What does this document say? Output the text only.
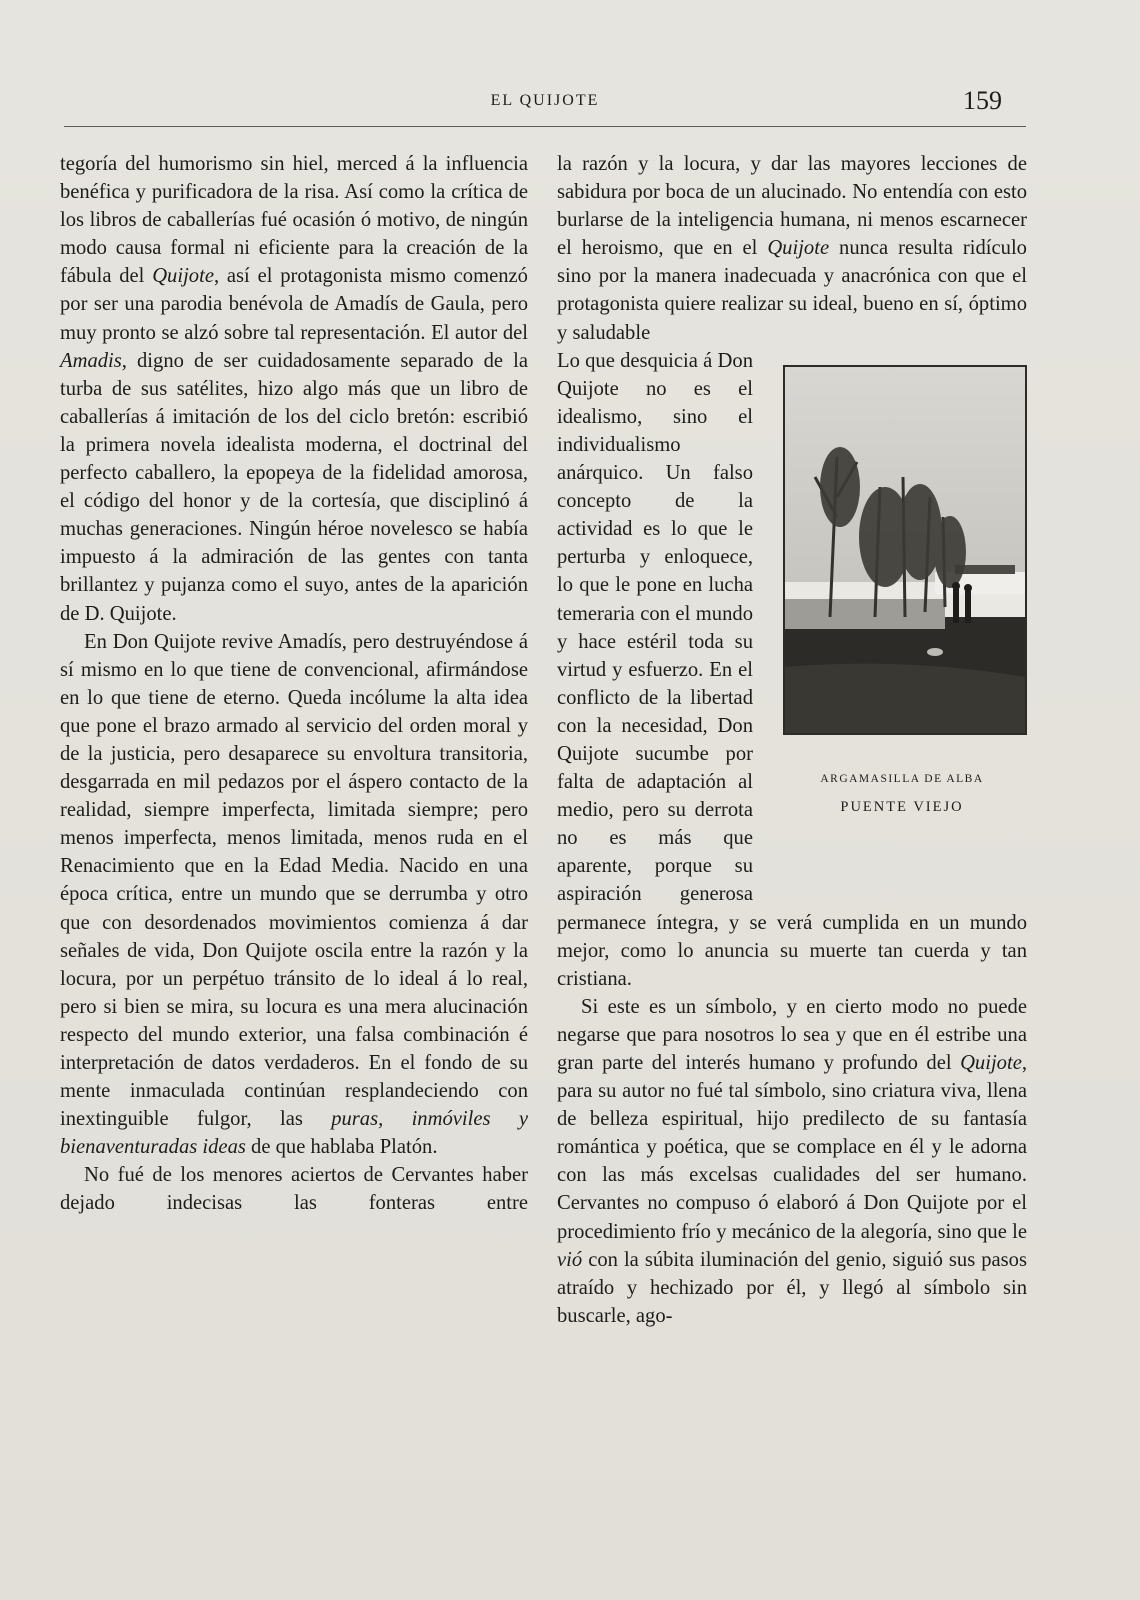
EL QUIJOTE	159

tegoría del humorismo sin hiel, merced á la influencia benéfica y purificadora de la risa. Así como la crítica de los libros de caballerías fué ocasión ó motivo, de ningún modo causa formal ni eficiente para la creación de la fábula del Quijote, así el protagonista mismo comenzó por ser una parodia benévola de Amadís de Gaula, pero muy pronto se alzó sobre tal representación. El autor del Amadis, digno de ser cuidadosamente separado de la turba de sus satélites, hizo algo más que un libro de caballerías á imitación de los del ciclo bretón: escribió la primera novela idealista moderna, el doctrinal del perfecto caballero, la epopeya de la fidelidad amorosa, el código del honor y de la cortesía, que disciplinó á muchas generaciones. Ningún héroe novelesco se había impuesto á la admiración de las gentes con tanta brillantez y pujanza como el suyo, antes de la aparición de D. Quijote.

En Don Quijote revive Amadís, pero destruyéndose á sí mismo en lo que tiene de convencional, afirmándose en lo que tiene de eterno. Queda incólume la alta idea que pone el brazo armado al servicio del orden moral y de la justicia, pero desaparece su envoltura transitoria, desgarrada en mil pedazos por el áspero contacto de la realidad, siempre imperfecta, limitada siempre; pero menos imperfecta, menos limitada, menos ruda en el Renacimiento que en la Edad Media. Nacido en una época crítica, entre un mundo que se derrumba y otro que con desordenados movimientos comienza á dar señales de vida, Don Quijote oscila entre la razón y la locura, por un perpétuo tránsito de lo ideal á lo real, pero si bien se mira, su locura es una mera alucinación respecto del mundo exterior, una falsa combinación é interpretación de datos verdaderos. En el fondo de su mente inmaculada continúan resplandeciendo con inextinguible fulgor, las puras, inmóviles y bienaventuradas ideas de que hablaba Platón.

No fué de los menores aciertos de Cervantes haber dejado indecisas las fonteras entre

la razón y la locura, y dar las mayores lecciones de sabidura por boca de un alucinado. No entendía con esto burlarse de la inteligencia humana, ni menos escarnecer el heroismo, que en el Quijote nunca resulta ridículo sino por la manera inadecuada y anacrónica con que el protagonista quiere realizar su ideal, bueno en sí, óptimo y saludable

ARGAMASILLA DE ALBA
PUENTE VIEJO
Lo que desquicia á Don Quijote no es el idealismo, sino el individualismo anárquico. Un falso concepto de la actividad es lo que le perturba y enloquece, lo que le pone en lucha temeraria con el mundo y hace estéril toda su virtud y esfuerzo. En el conflicto de la libertad con la necesidad, Don Quijote sucumbe por falta de adaptación al medio, pero su derrota no es más que aparente, porque su aspiración generosa permanece íntegra, y se verá cumplida en un mundo mejor, como lo anuncia su muerte tan cuerda y tan cristiana.

Si este es un símbolo, y en cierto modo no puede negarse que para nosotros lo sea y que en él estribe una gran parte del interés humano y profundo del Quijote, para su autor no fué tal símbolo, sino criatura viva, llena de belleza espiritual, hijo predilecto de su fantasía romántica y poética, que se complace en él y le adorna con las más excelsas cualidades del ser humano. Cervantes no compuso ó elaboró á Don Quijote por el procedimiento frío y mecánico de la alegoría, sino que le vió con la súbita iluminación del genio, siguió sus pasos atraído y hechizado por él, y llegó al símbolo sin buscarle, ago-
